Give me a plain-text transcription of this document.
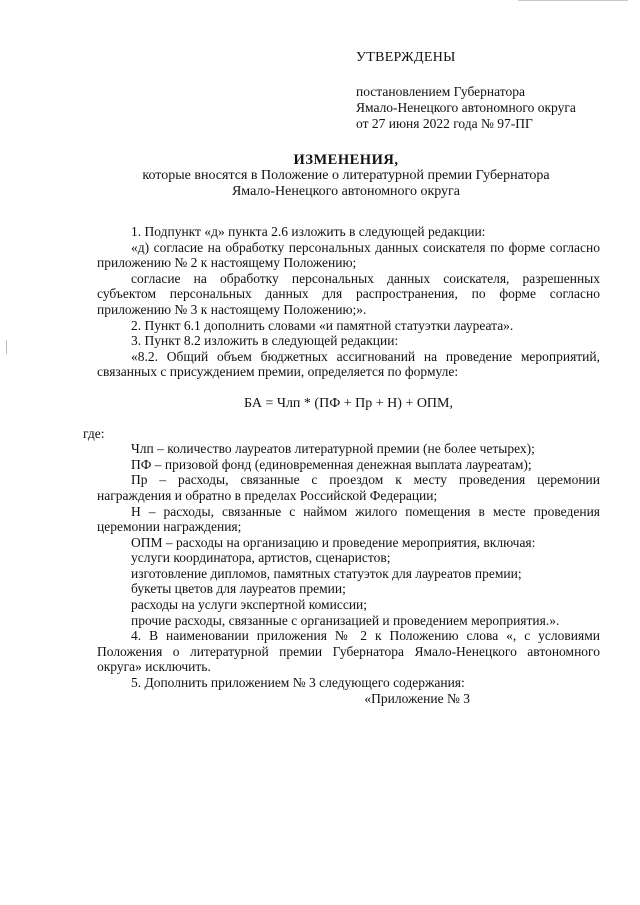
УТВЕРЖДЕНЫ
постановлением Губернатора
Ямало-Ненецкого автономного округа
от 27 июня 2022 года № 97-ПГ
ИЗМЕНЕНИЯ,
которые вносятся в Положение о литературной премии Губернатора
Ямало-Ненецкого автономного округа
1. Подпункт «д» пункта 2.6 изложить в следующей редакции:
«д) согласие на обработку персональных данных соискателя по форме согласно приложению № 2 к настоящему Положению;
согласие на обработку персональных данных соискателя, разрешенных субъектом персональных данных для распространения, по форме согласно приложению № 3 к настоящему Положению;».
2. Пункт 6.1 дополнить словами «и памятной статуэтки лауреата».
3. Пункт 8.2 изложить в следующей редакции:
«8.2. Общий объем бюджетных ассигнований на проведение мероприятий, связанных с присуждением премии, определяется по формуле:
БА = Члп * (ПФ + Пр + Н) + ОПМ,
где:
Члп – количество лауреатов литературной премии (не более четырех);
ПФ – призовой фонд (единовременная денежная выплата лауреатам);
Пр – расходы, связанные с проездом к месту проведения церемонии награждения и обратно в пределах Российской Федерации;
Н – расходы, связанные с наймом жилого помещения в месте проведения церемонии награждения;
ОПМ – расходы на организацию и проведение мероприятия, включая:
услуги координатора, артистов, сценаристов;
изготовление дипломов, памятных статуэток для лауреатов премии;
букеты цветов для лауреатов премии;
расходы на услуги экспертной комиссии;
прочие расходы, связанные с организацией и проведением мероприятия.».
4. В наименовании приложения № 2 к Положению слова «, с условиями Положения о литературной премии Губернатора Ямало-Ненецкого автономного округа» исключить.
5. Дополнить приложением № 3 следующего содержания:
«Приложение № 3
